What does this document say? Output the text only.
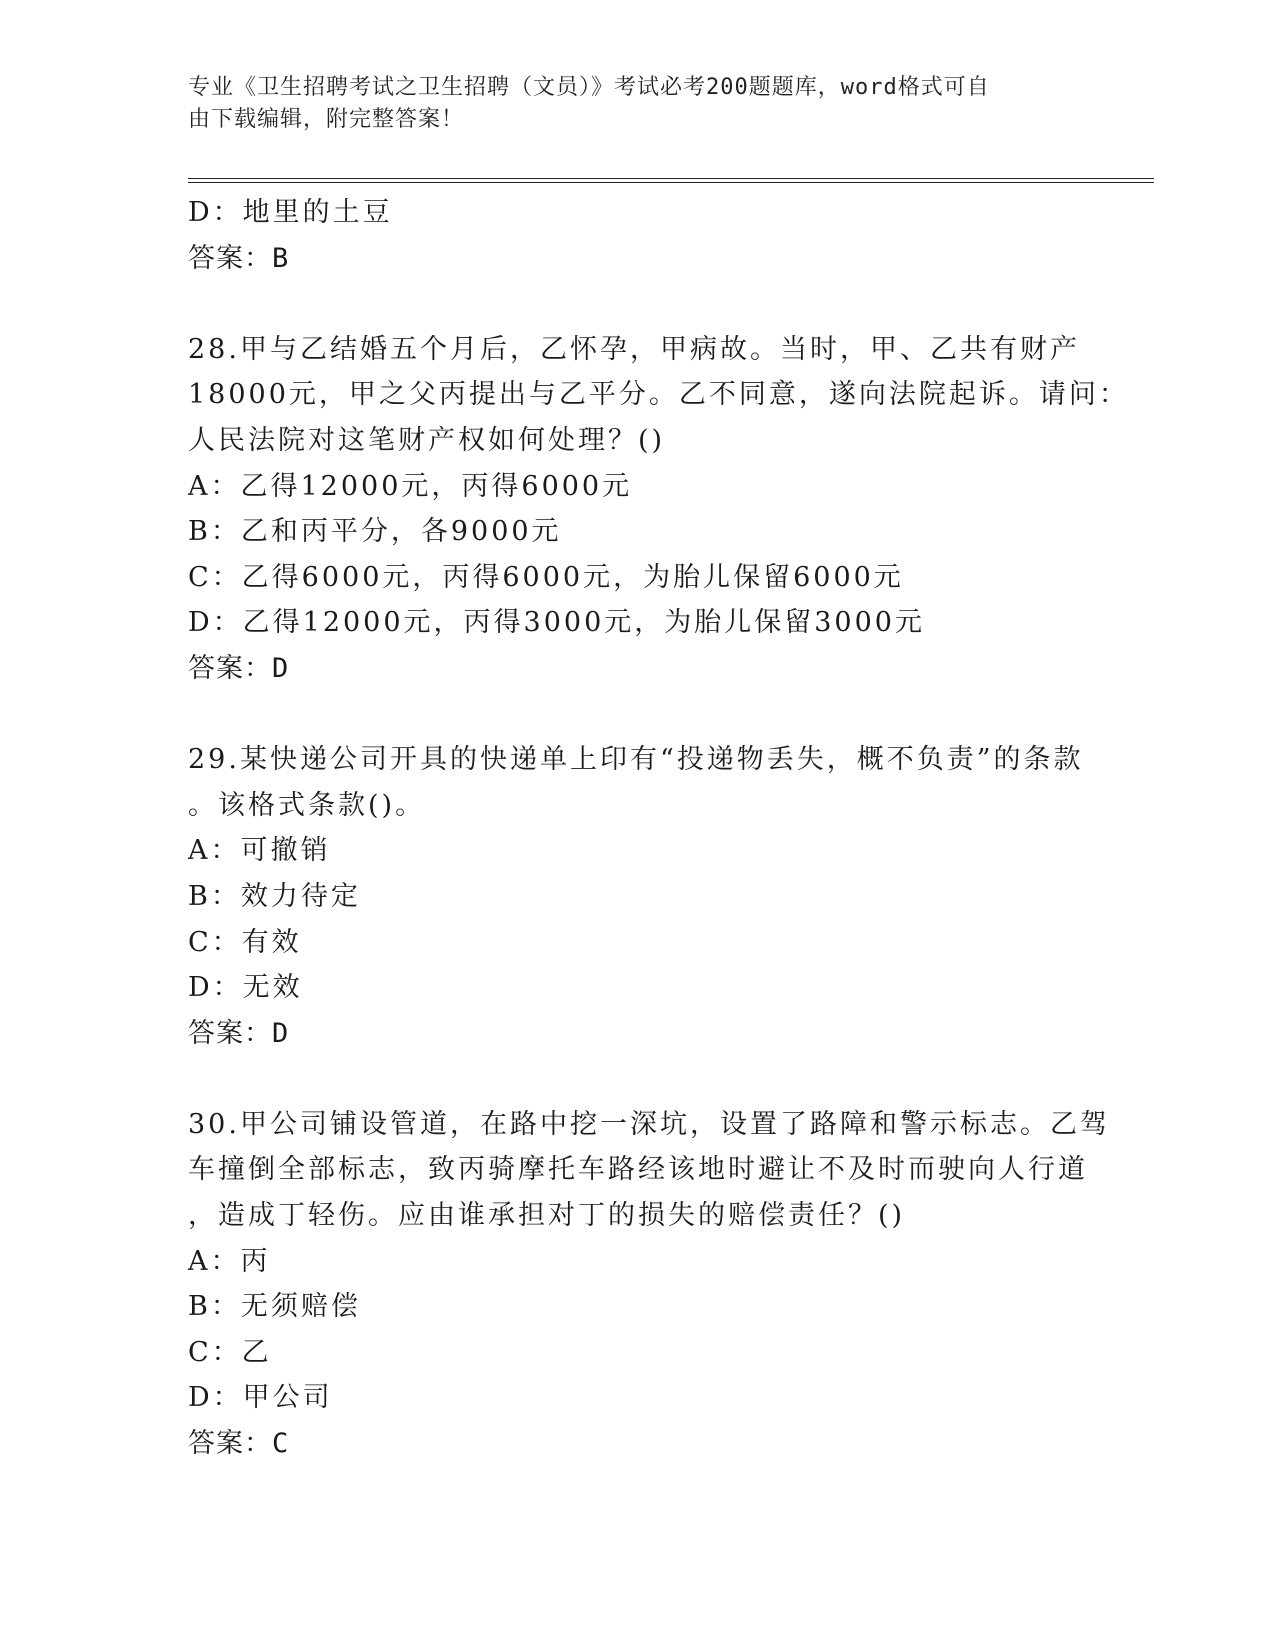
专业《卫生招聘考试之卫生招聘（文员）》考试必考200题题库，word格式可自
由下载编辑，附完整答案！
D：地里的土豆
答案：B
28.甲与乙结婚五个月后，乙怀孕，甲病故。当时，甲、乙共有财产
18000元，甲之父丙提出与乙平分。乙不同意，遂向法院起诉。请问：
人民法院对这笔财产权如何处理？()
A：乙得12000元，丙得6000元
B：乙和丙平分，各9000元
C：乙得6000元，丙得6000元，为胎儿保留6000元
D：乙得12000元，丙得3000元，为胎儿保留3000元
答案：D
29.某快递公司开具的快递单上印有“投递物丢失，概不负责”的条款
。该格式条款()。
A：可撤销
B：效力待定
C：有效
D：无效
答案：D
30.甲公司铺设管道，在路中挖一深坑，设置了路障和警示标志。乙驾
车撞倒全部标志，致丙骑摩托车路经该地时避让不及时而驶向人行道
，造成丁轻伤。应由谁承担对丁的损失的赔偿责任？()
A：丙
B：无须赔偿
C：乙
D：甲公司
答案：C
